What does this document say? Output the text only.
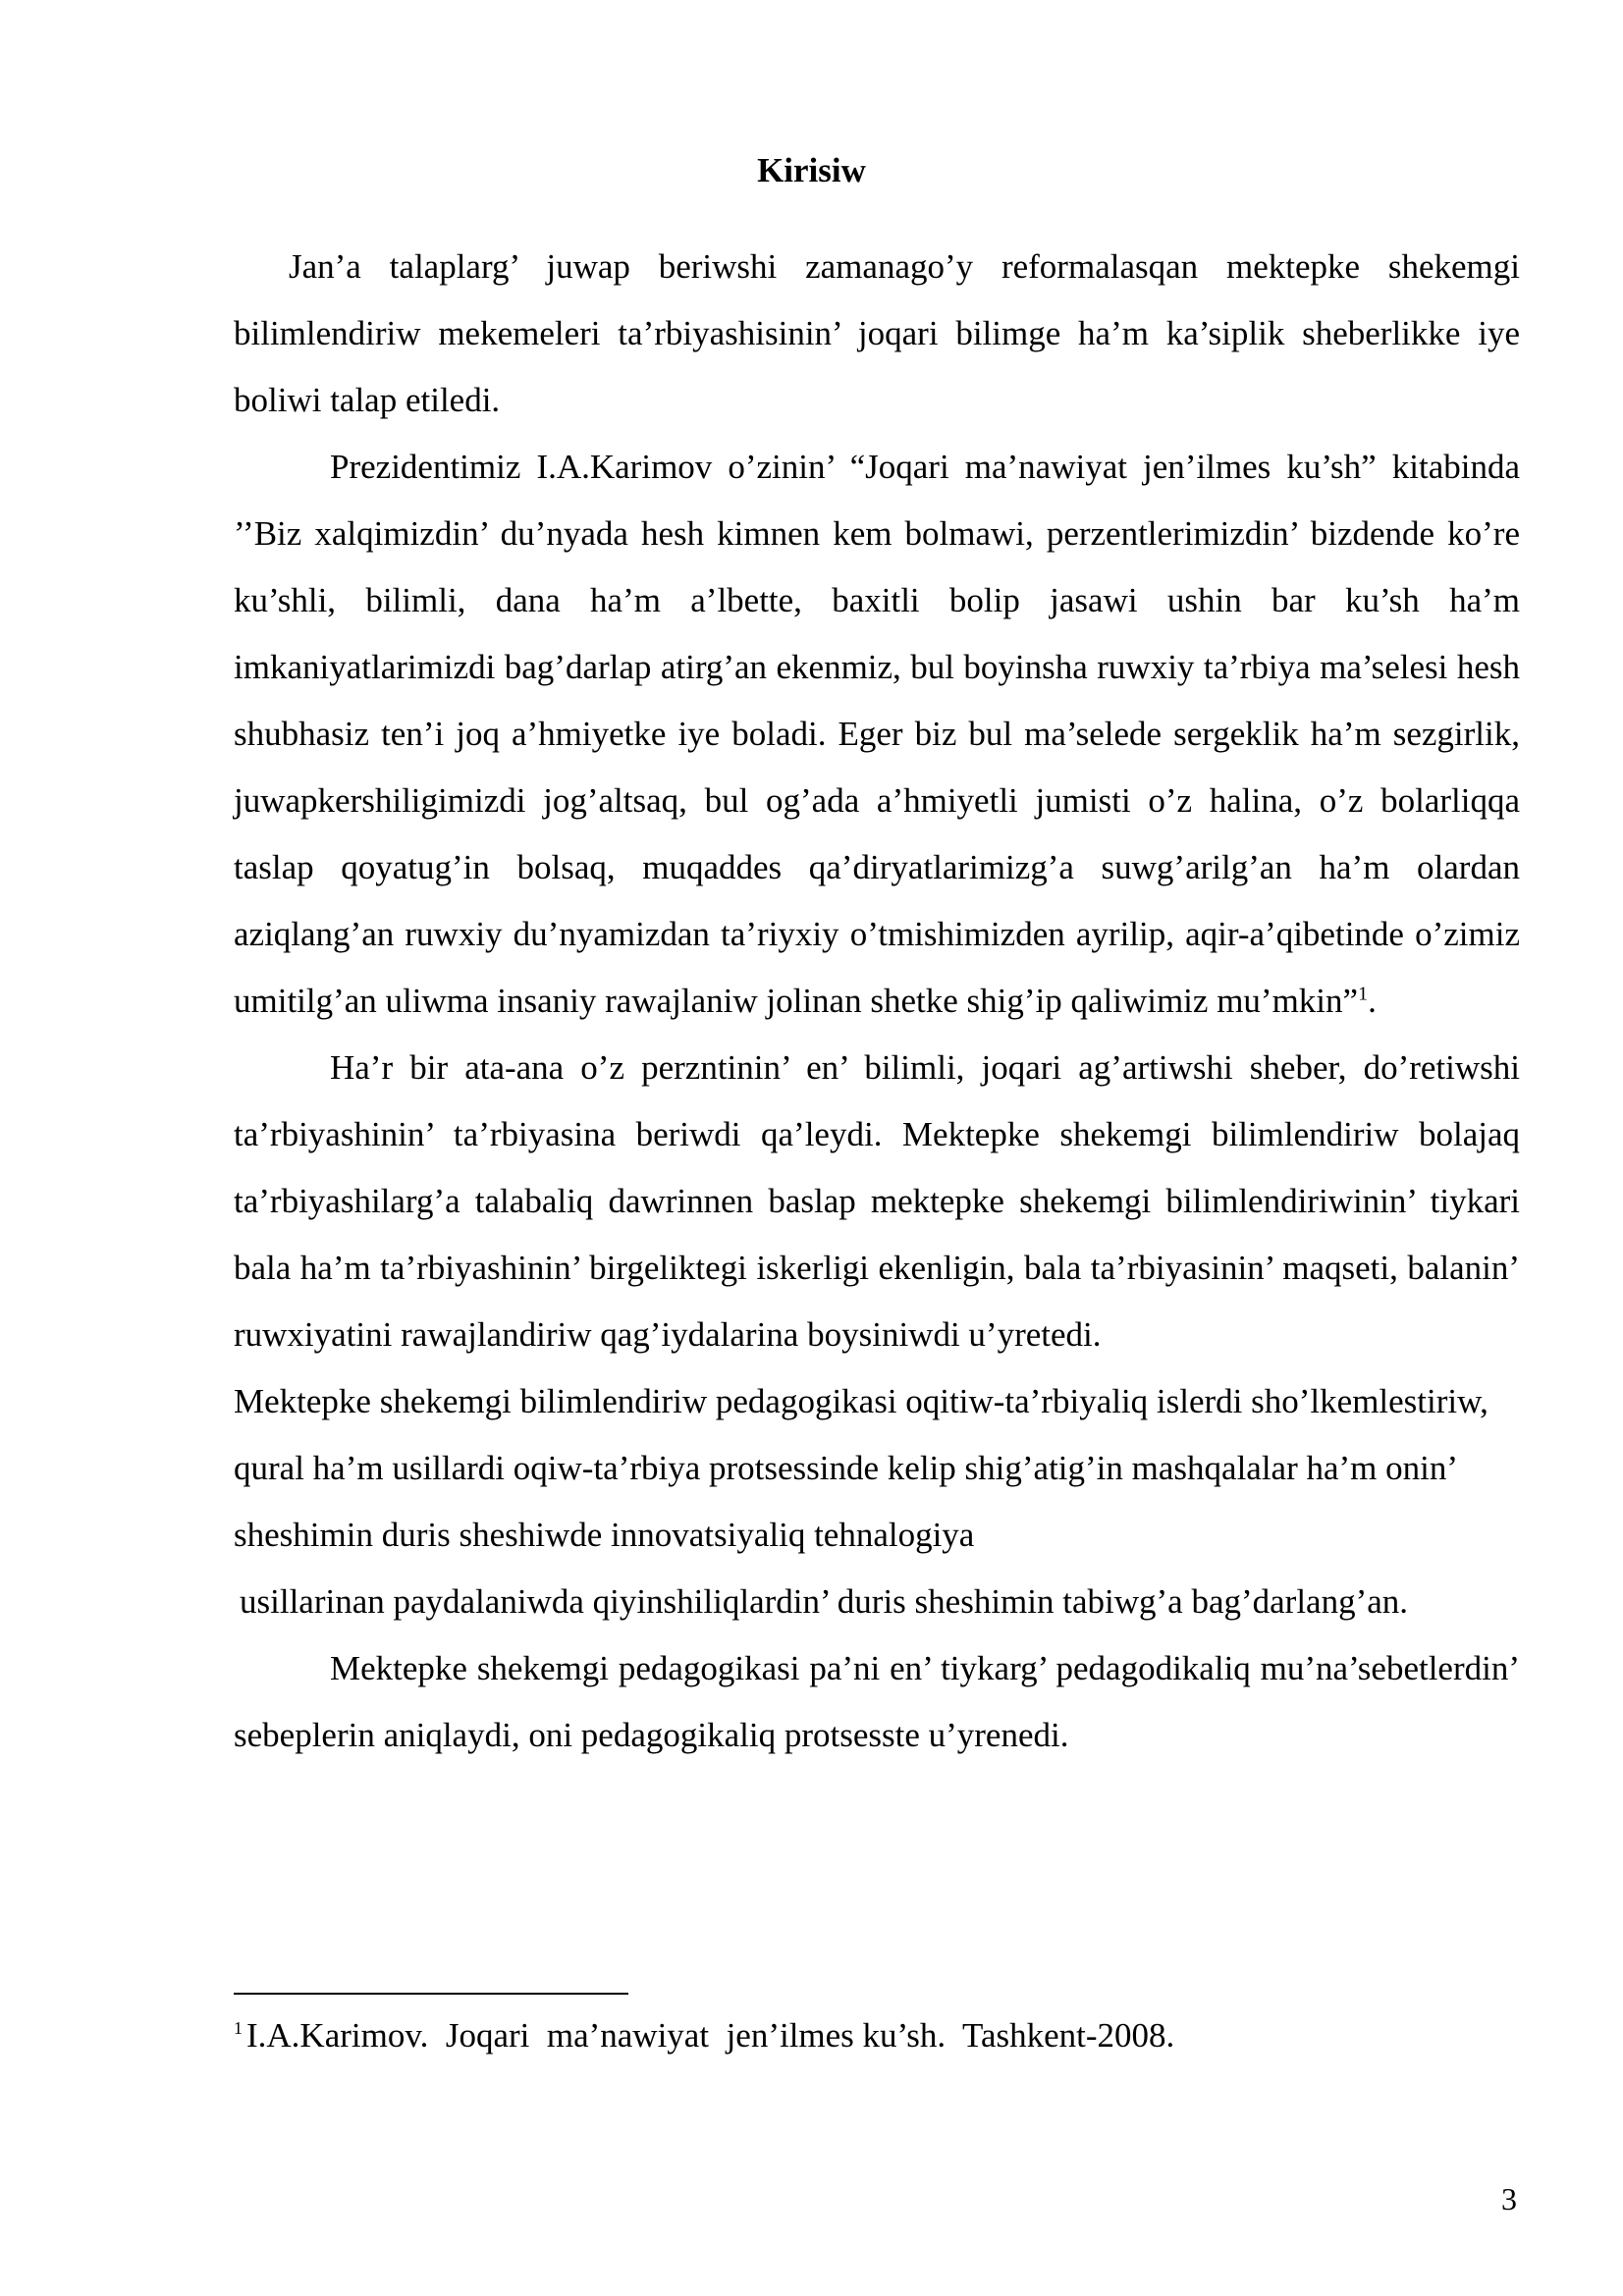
Kirisiw

Jan’a talaplarg’ juwap beriwshi zamanago’y reformalasqan mektepke shekemgi bilimlendiriw mekemeleri ta’rbiyashisinin’ joqari bilimge ha’m ka’siplik sheberlikke iye boliwi talap etiledi.

Prezidentimiz I.A.Karimov o’zinin’ “Joqari ma’nawiyat jen’ilmes ku’sh” kitabinda ’’Biz xalqimizdin’ du’nyada hesh kimnen kem bolmawi, perzentlerimizdin’ bizdende ko’re ku’shli, bilimli, dana ha’m a’lbette, baxitli bolip jasawi ushin bar ku’sh ha’m imkaniyatlarimizdi bag’darlap atirg’an ekenmiz, bul boyinsha ruwxiy ta’rbiya ma’selesi hesh shubhasiz ten’i joq a’hmiyetke iye boladi. Eger biz bul ma’selede sergeklik ha’m sezgirlik, juwapkershiligimizdi jog’altsaq, bul og’ada a’hmiyetli jumisti o’z halina, o’z bolarliqqa taslap qoyatug’in bolsaq, muqaddes qa’diryatlarimizg’a suwg’arilg’an ha’m olardan aziqlang’an ruwxiy du’nyamizdan ta’riyxiy o’tmishimizden ayrilip, aqir-a’qibetinde o’zimiz umitilg’an uliwma insaniy rawajlaniw jolinan shetke shig’ip qaliwimiz mu’mkin”$^1$.

Ha’r bir ata-ana o’z perzntinin’ en’ bilimli, joqari ag’artiwshi sheber, do’retiwshi ta’rbiyashinin’ ta’rbiyasina beriwdi qa’leydi. Mektepke shekemgi bilimlendiriw bolajaq ta’rbiyashilarg’a talabaliq dawrinnen baslap mektepke shekemgi bilimlendiriwinin’ tiykari bala ha’m ta’rbiyashinin’ birgeliktegi iskerligi ekenligin, bala ta’rbiyasinin’ maqseti, balanin’ ruwxiyatini rawajlandiriw qag’iydalarina boysiniwdi u’yretedi.

Mektepke shekemgi bilimlendiriw pedagogikasi oqitiw-ta’rbiyaliq islerdi sho’lkemlestiriw, qural ha’m usillardi oqiw-ta’rbiya protsessinde kelip shig’atig’in mashqalalar ha’m onin’ sheshimin duris sheshiwde innovatsiyaliq tehnalogiya

usillarinan paydalaniwda qiyinshiliqlardin’ duris sheshimin tabiwg’a bag’darlang’an.

Mektepke shekemgi pedagogikasi pa’ni en’ tiykarg’ pedagodikaliq mu’na’sebetlerdin’ sebeplerin aniqlaydi, oni pedagogikaliq protsesste u’yrenedi.

$^1$ I.A.Karimov.  Joqari  ma’nawiyat  jen’ilmes ku’sh.  Tashkent-2008.
3
